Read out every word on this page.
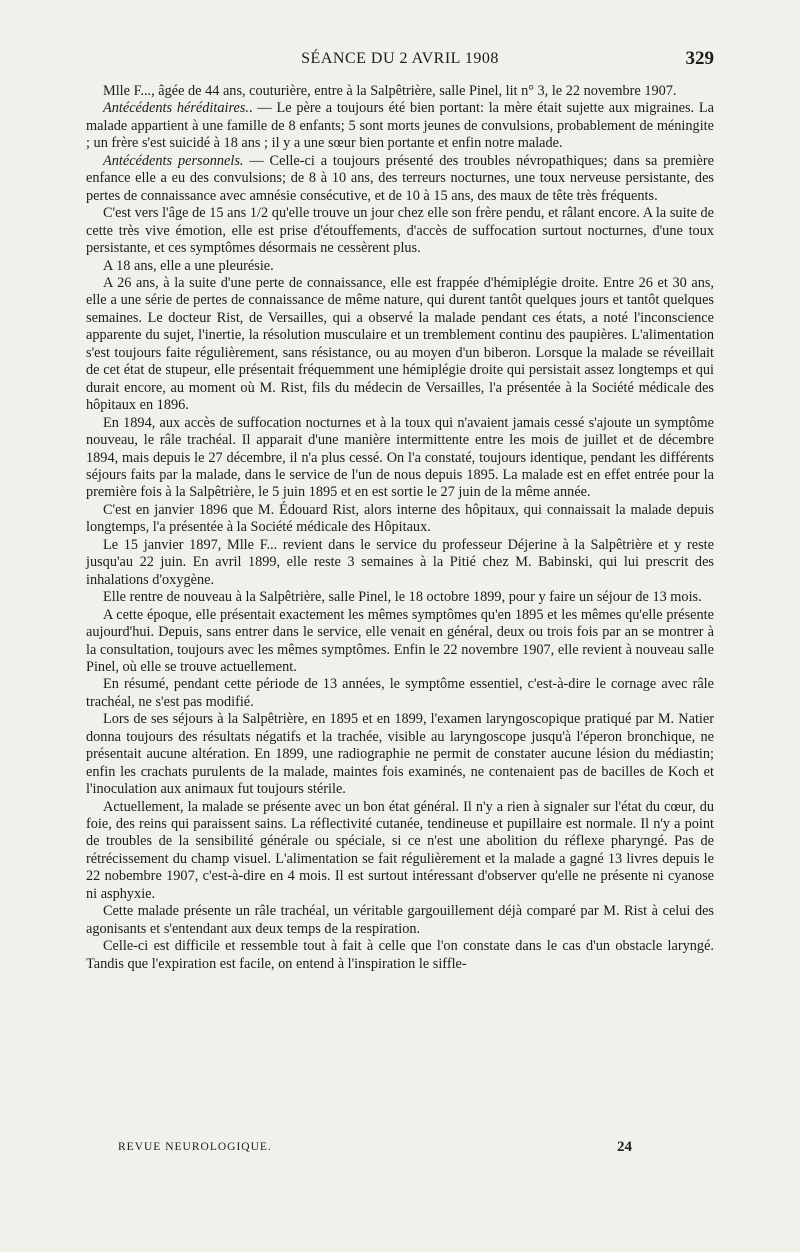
SÉANCE DU 2 AVRIL 1908	329

Mlle F..., âgée de 44 ans, couturière, entre à la Salpêtrière, salle Pinel, lit n° 3, le 22 novembre 1907.

Antécédents héréditaires.. — Le père a toujours été bien portant: la mère était sujette aux migraines. La malade appartient à une famille de 8 enfants; 5 sont morts jeunes de convulsions, probablement de méningite ; un frère s'est suicidé à 18 ans ; il y a une sœur bien portante et enfin notre malade.

Antécédents personnels. — Celle-ci a toujours présenté des troubles névropathiques; dans sa première enfance elle a eu des convulsions; de 8 à 10 ans, des terreurs nocturnes, une toux nerveuse persistante, des pertes de connaissance avec amnésie consécutive, et de 10 à 15 ans, des maux de tête très fréquents.

C'est vers l'âge de 15 ans 1/2 qu'elle trouve un jour chez elle son frère pendu, et râlant encore. A la suite de cette très vive émotion, elle est prise d'étouffements, d'accès de suffocation surtout nocturnes, d'une toux persistante, et ces symptômes désormais ne cessèrent plus.

A 18 ans, elle a une pleurésie.

A 26 ans, à la suite d'une perte de connaissance, elle est frappée d'hémiplégie droite. Entre 26 et 30 ans, elle a une série de pertes de connaissance de même nature, qui durent tantôt quelques jours et tantôt quelques semaines. Le docteur Rist, de Versailles, qui a observé la malade pendant ces états, a noté l'inconscience apparente du sujet, l'inertie, la résolution musculaire et un tremblement continu des paupières. L'alimentation s'est toujours faite régulièrement, sans résistance, ou au moyen d'un biberon. Lorsque la malade se réveillait de cet état de stupeur, elle présentait fréquemment une hémiplégie droite qui persistait assez longtemps et qui durait encore, au moment où M. Rist, fils du médecin de Versailles, l'a présentée à la Société médicale des hôpitaux en 1896.

En 1894, aux accès de suffocation nocturnes et à la toux qui n'avaient jamais cessé s'ajoute un symptôme nouveau, le râle trachéal. Il apparait d'une manière intermittente entre les mois de juillet et de décembre 1894, mais depuis le 27 décembre, il n'a plus cessé. On l'a constaté, toujours identique, pendant les différents séjours faits par la malade, dans le service de l'un de nous depuis 1895. La malade est en effet entrée pour la première fois à la Salpêtrière, le 5 juin 1895 et en est sortie le 27 juin de la même année.

C'est en janvier 1896 que M. Édouard Rist, alors interne des hôpitaux, qui connaissait la malade depuis longtemps, l'a présentée à la Société médicale des Hôpitaux.

Le 15 janvier 1897, Mlle F... revient dans le service du professeur Déjerine à la Salpêtrière et y reste jusqu'au 22 juin. En avril 1899, elle reste 3 semaines à la Pitié chez M. Babinski, qui lui prescrit des inhalations d'oxygène.

Elle rentre de nouveau à la Salpêtrière, salle Pinel, le 18 octobre 1899, pour y faire un séjour de 13 mois.

A cette époque, elle présentait exactement les mêmes symptômes qu'en 1895 et les mêmes qu'elle présente aujourd'hui. Depuis, sans entrer dans le service, elle venait en général, deux ou trois fois par an se montrer à la consultation, toujours avec les mêmes symptômes. Enfin le 22 novembre 1907, elle revient à nouveau salle Pinel, où elle se trouve actuellement.

En résumé, pendant cette période de 13 années, le symptôme essentiel, c'est-à-dire le cornage avec râle trachéal, ne s'est pas modifié.

Lors de ses séjours à la Salpêtrière, en 1895 et en 1899, l'examen laryngoscopique pratiqué par M. Natier donna toujours des résultats négatifs et la trachée, visible au laryngoscope jusqu'à l'éperon bronchique, ne présentait aucune altération. En 1899, une radiographie ne permit de constater aucune lésion du médiastin; enfin les crachats purulents de la malade, maintes fois examinés, ne contenaient pas de bacilles de Koch et l'inoculation aux animaux fut toujours stérile.

Actuellement, la malade se présente avec un bon état général. Il n'y a rien à signaler sur l'état du cœur, du foie, des reins qui paraissent sains. La réflectivité cutanée, tendineuse et pupillaire est normale. Il n'y a point de troubles de la sensibilité générale ou spéciale, si ce n'est une abolition du réflexe pharyngé. Pas de rétrécissement du champ visuel. L'alimentation se fait régulièrement et la malade a gagné 13 livres depuis le 22 nobembre 1907, c'est-à-dire en 4 mois. Il est surtout intéressant d'observer qu'elle ne présente ni cyanose ni asphyxie.

Cette malade présente un râle trachéal, un véritable gargouillement déjà comparé par M. Rist à celui des agonisants et s'entendant aux deux temps de la respiration.

Celle-ci est difficile et ressemble tout à fait à celle que l'on constate dans le cas d'un obstacle laryngé. Tandis que l'expiration est facile, on entend à l'inspiration le siffle-

REVUE NEUROLOGIQUE.	24
